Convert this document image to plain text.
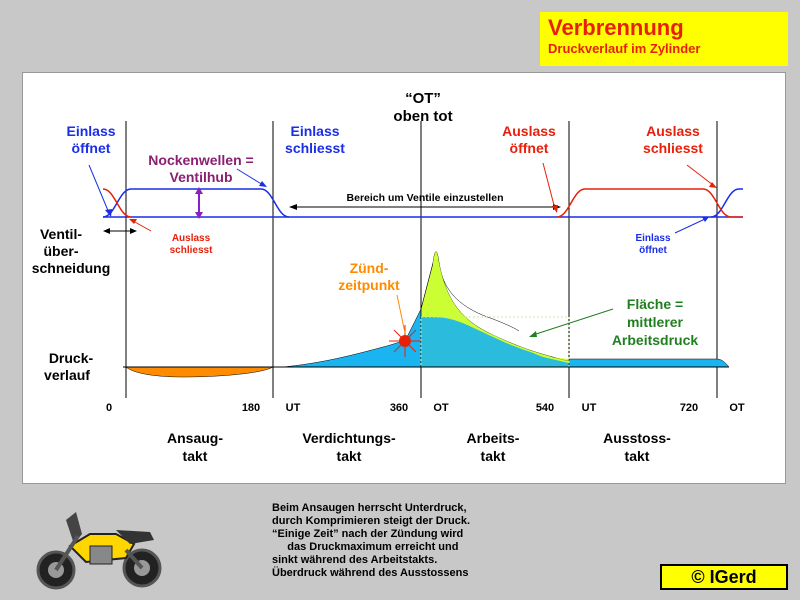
Verbrennung
Druckverlauf im Zylinder
Bereich um Ventile einzustellen
“OT”
oben tot
Einlass
öffnet
Einlass
schliesst
Auslass
öffnet
Auslass
schliesst
Nockenwellen =
Ventilhub
Ventil-
über-
schneidung
Auslass
schliesst
Einlass
öffnet
Zünd-
zeitpunkt
Fläche =
mittlerer
Arbeitsdruck
Druck-
verlauf
0	180 UT	360 OT	540 UT	720	OT
Ansaug-
takt
Verdichtungs-
takt
Arbeits-
takt
Ausstoss-
takt
Beim Ansaugen herrscht Unterdruck,
durch Komprimieren steigt der Druck.
“Einige Zeit” nach der Zündung wird
das Druckmaximum erreicht und
sinkt während des Arbeitstakts.
Überdruck während des Ausstossens	© IGerd
